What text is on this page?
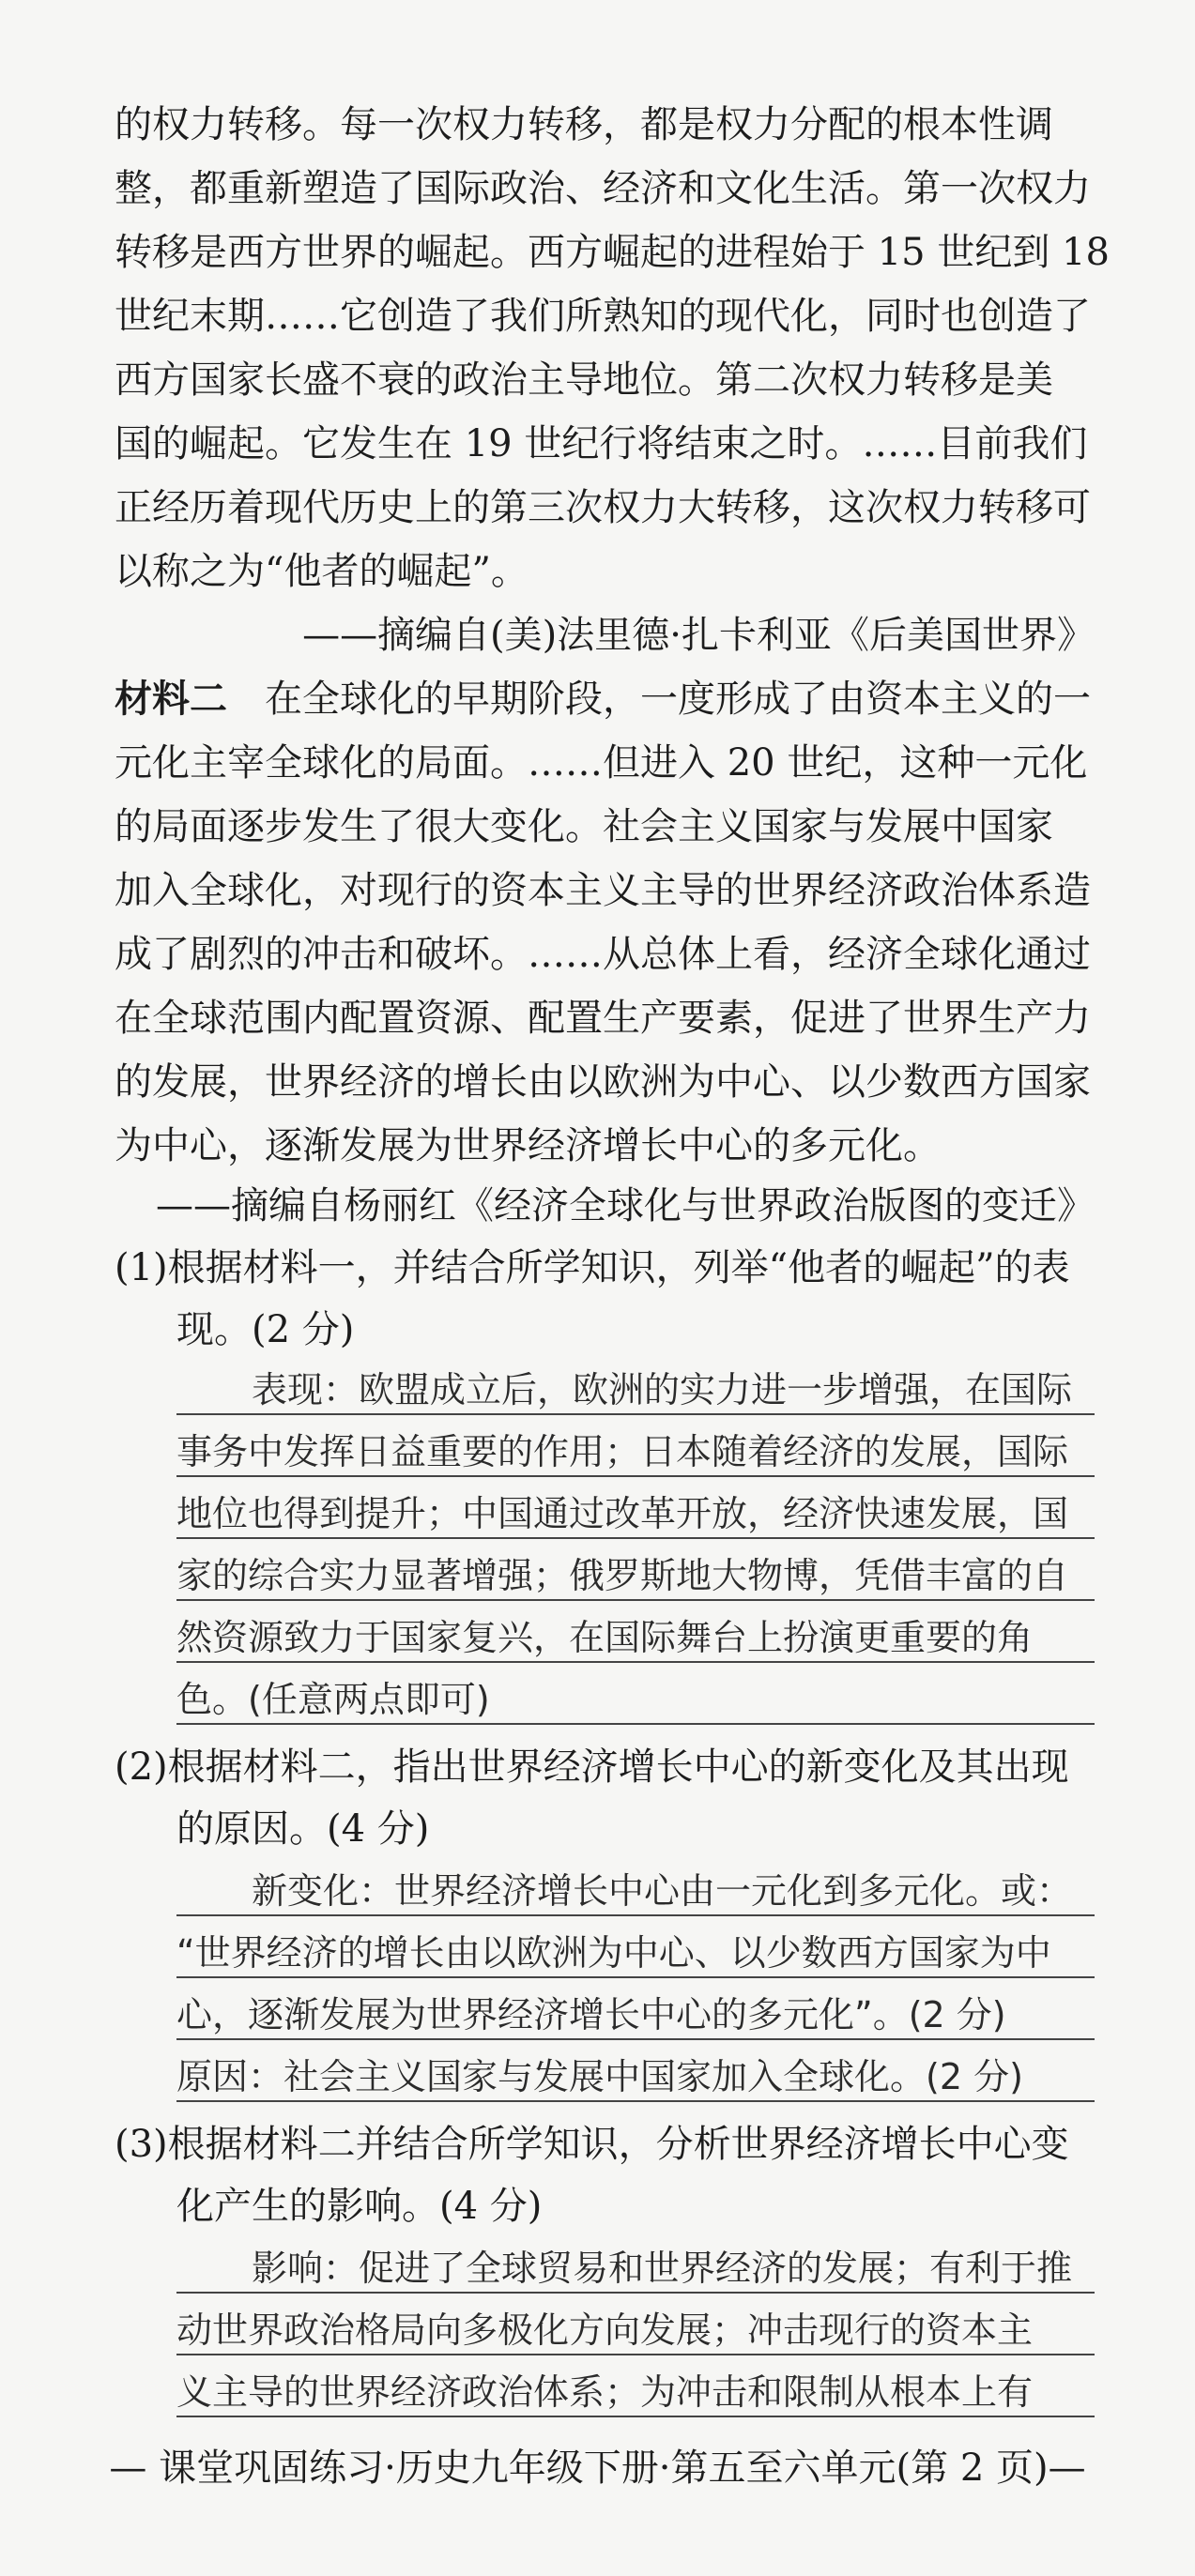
的权力转移。每一次权力转移，都是权力分配的根本性调
整，都重新塑造了国际政治、经济和文化生活。第一次权力
转移是西方世界的崛起。西方崛起的进程始于 15 世纪到 18
世纪末期……它创造了我们所熟知的现代化，同时也创造了
西方国家长盛不衰的政治主导地位。第二次权力转移是美
国的崛起。它发生在 19 世纪行将结束之时。……目前我们
正经历着现代历史上的第三次权力大转移，这次权力转移可
以称之为“他者的崛起”。
——摘编自(美)法里德·扎卡利亚《后美国世界》
材料二 在全球化的早期阶段，一度形成了由资本主义的一
元化主宰全球化的局面。……但进入 20 世纪，这种一元化
的局面逐步发生了很大变化。社会主义国家与发展中国家
加入全球化，对现行的资本主义主导的世界经济政治体系造
成了剧烈的冲击和破坏。……从总体上看，经济全球化通过
在全球范围内配置资源、配置生产要素，促进了世界生产力
的发展，世界经济的增长由以欧洲为中心、以少数西方国家
为中心，逐渐发展为世界经济增长中心的多元化。
——摘编自杨丽红《经济全球化与世界政治版图的变迁》
(1)根据材料一，并结合所学知识，列举“他者的崛起”的表
现。(2 分)
表现：欧盟成立后，欧洲的实力进一步增强，在国际
事务中发挥日益重要的作用；日本随着经济的发展，国际
地位也得到提升；中国通过改革开放，经济快速发展，国
家的综合实力显著增强；俄罗斯地大物博，凭借丰富的自
然资源致力于国家复兴，在国际舞台上扮演更重要的角
色。(任意两点即可)
(2)根据材料二，指出世界经济增长中心的新变化及其出现
的原因。(4 分)
新变化：世界经济增长中心由一元化到多元化。或：
“世界经济的增长由以欧洲为中心、以少数西方国家为中
心，逐渐发展为世界经济增长中心的多元化”。(2 分)
原因：社会主义国家与发展中国家加入全球化。(2 分)
(3)根据材料二并结合所学知识，分析世界经济增长中心变
化产生的影响。(4 分)
影响：促进了全球贸易和世界经济的发展；有利于推
动世界政治格局向多极化方向发展；冲击现行的资本主
义主导的世界经济政治体系；为冲击和限制从根本上有
— 课堂巩固练习·历史九年级下册·第五至六单元(第 2 页)—
